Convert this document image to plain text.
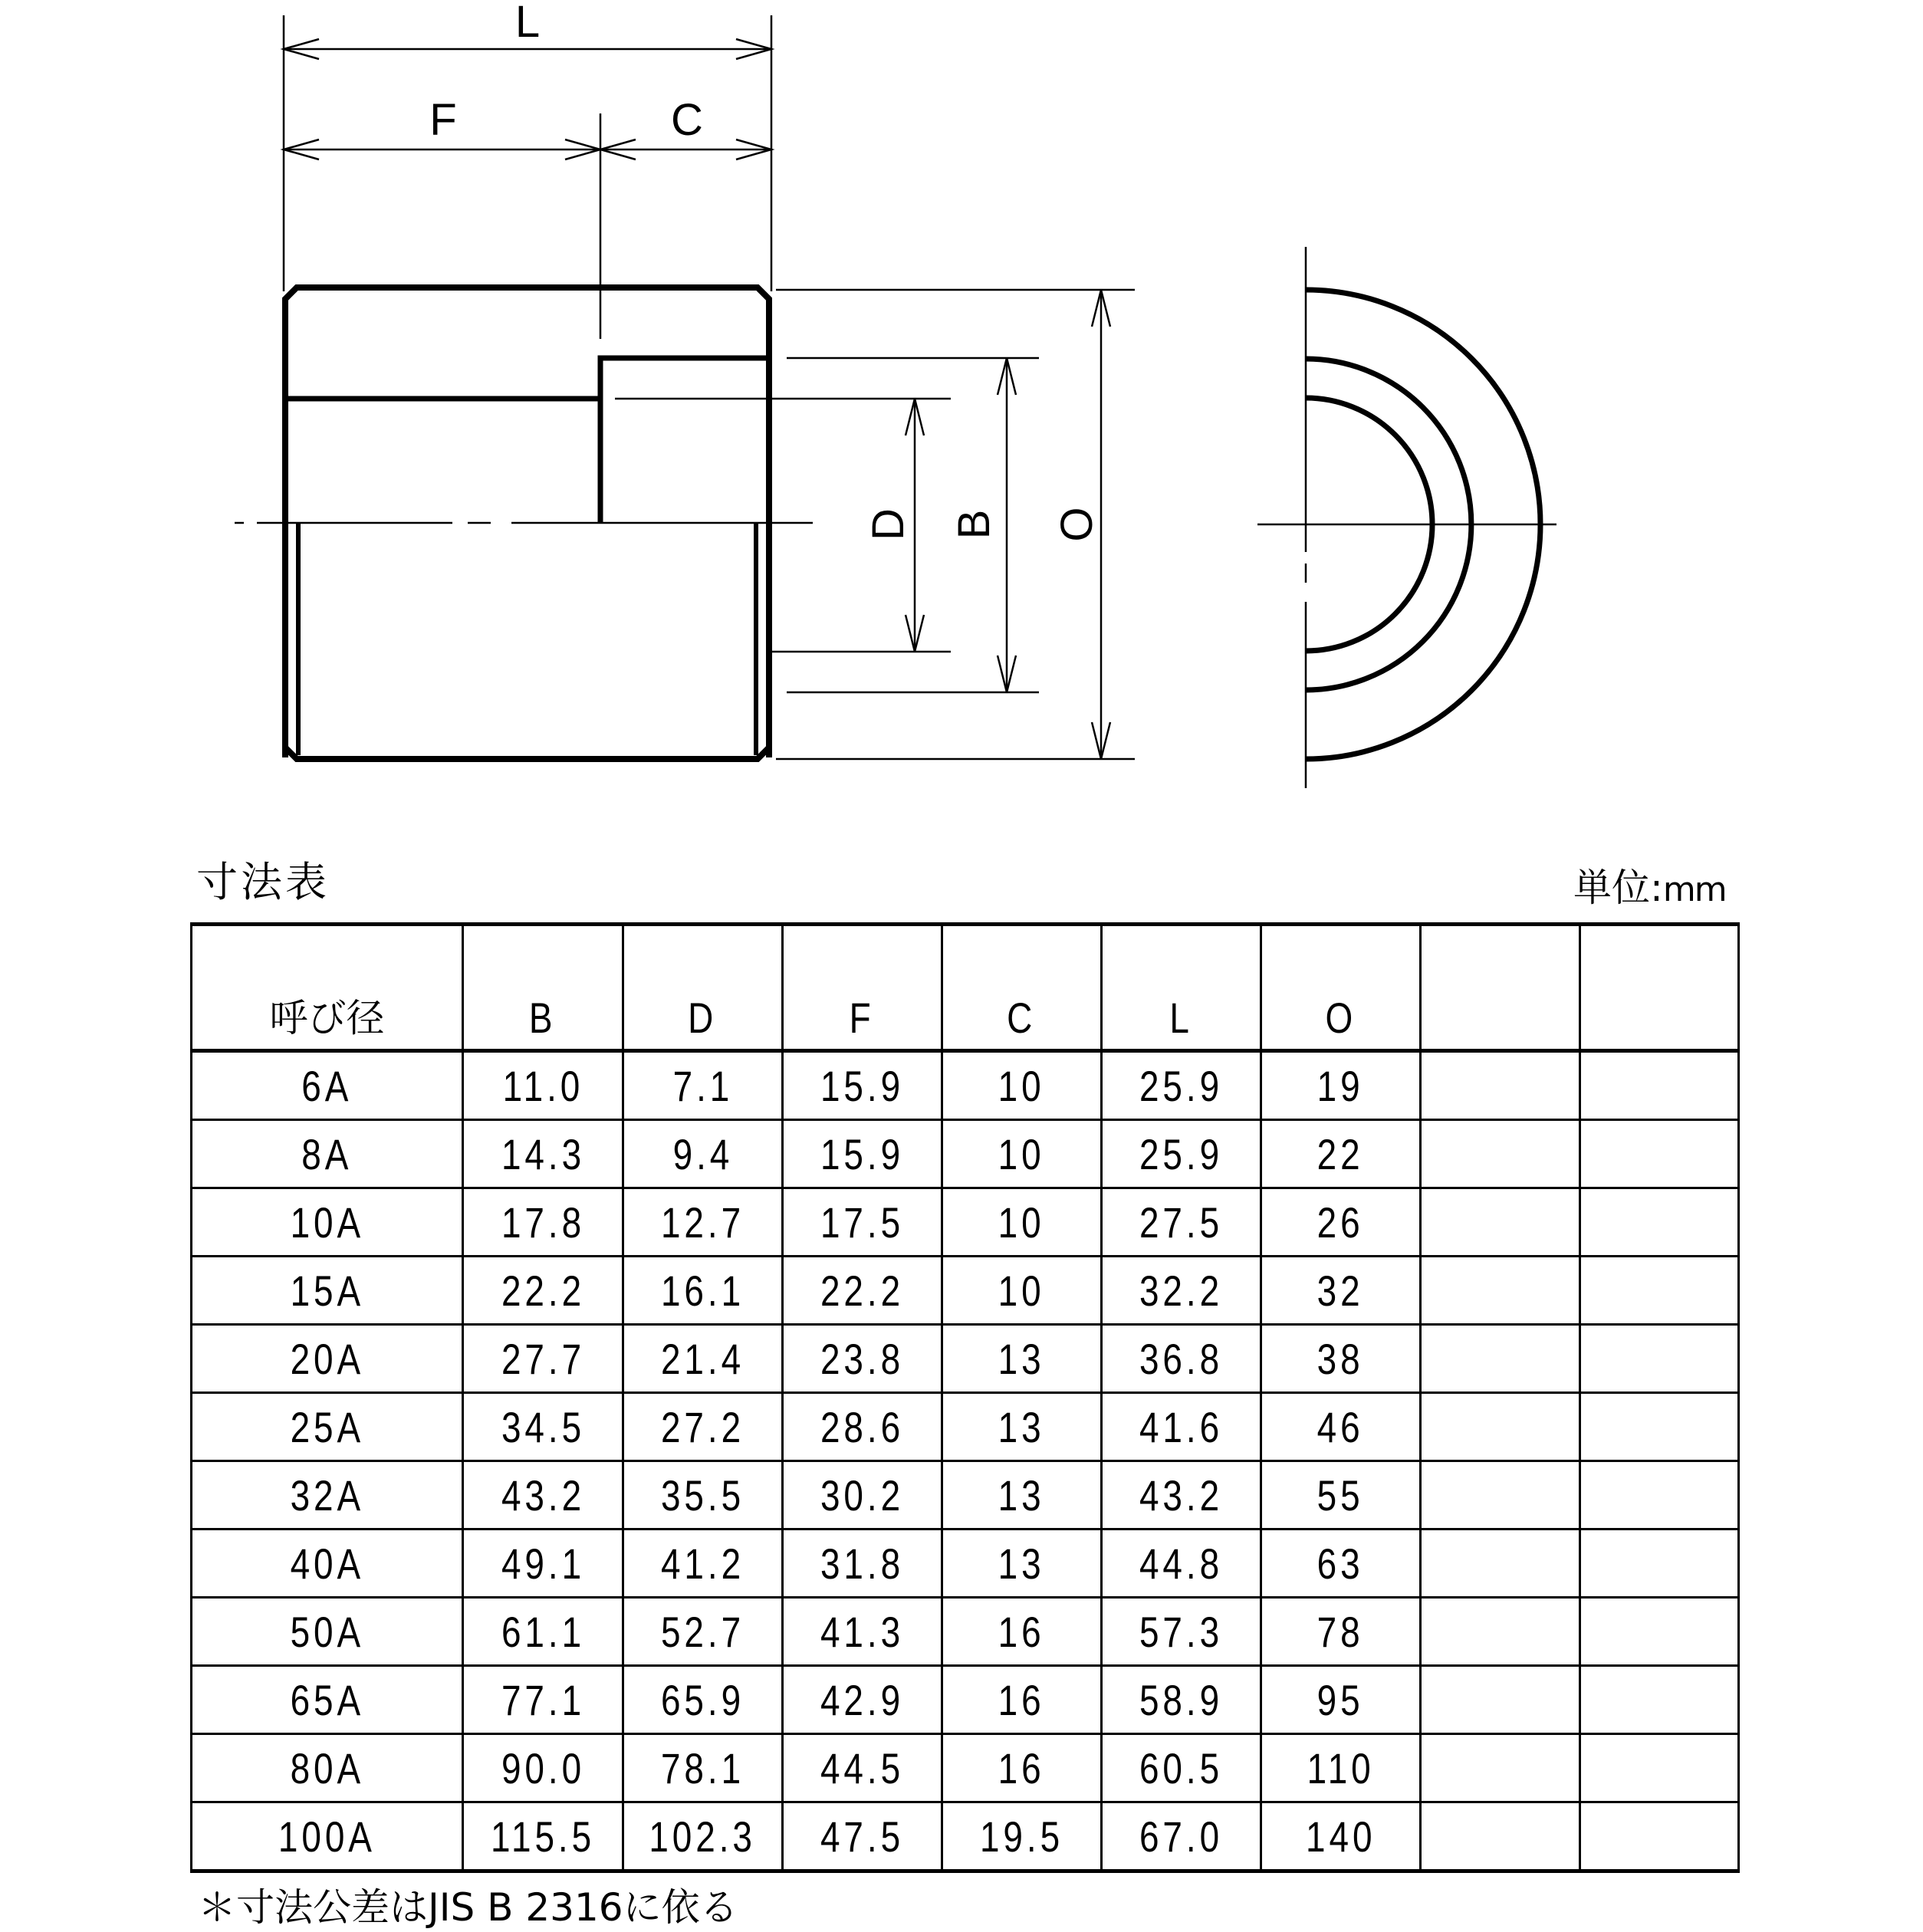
L
F	C
D B O
寸法表	単位:mm
呼び径	B	D	F	C	L	O		
6A	11.0	7.1	15.9	10	25.9	19		
8A	14.3	9.4	15.9	10	25.9	22		
10A	17.8	12.7	17.5	10	27.5	26		
15A	22.2	16.1	22.2	10	32.2	32		
20A	27.7	21.4	23.8	13	36.8	38		
25A	34.5	27.2	28.6	13	41.6	46		
32A	43.2	35.5	30.2	13	43.2	55		
40A	49.1	41.2	31.8	13	44.8	63		
50A	61.1	52.7	41.3	16	57.3	78		
65A	77.1	65.9	42.9	16	58.9	95		
80A	90.0	78.1	44.5	16	60.5	110		
100A	115.5	102.3	47.5	19.5	67.0	140		
＊寸法公差はJIS B 2316に依る
